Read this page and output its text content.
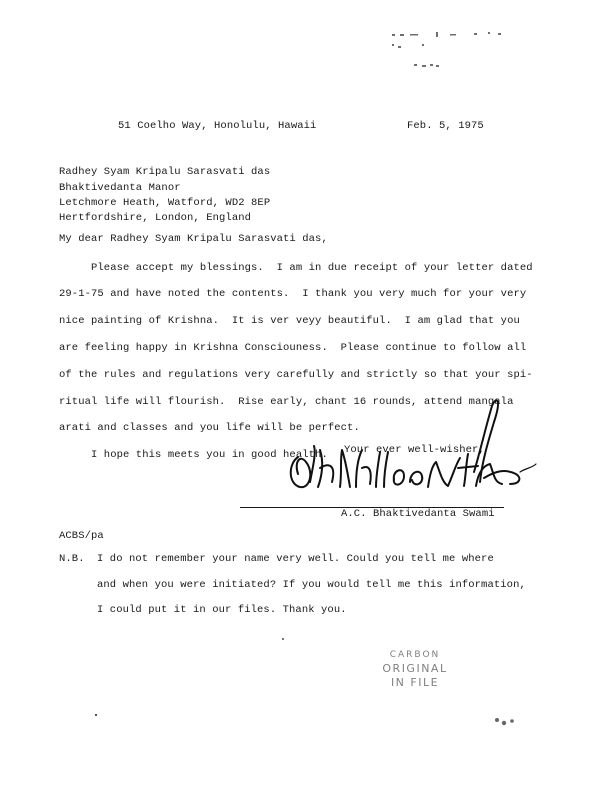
51 Coelho Way, Honolulu, Hawaii	Feb. 5, 1975
Radhey Syam Kripalu Sarasvati das
Bhaktivedanta Manor
Letchmore Heath, Watford, WD2 8EP
Hertfordshire, London, England
My dear Radhey Syam Kripalu Sarasvati das,
Please accept my blessings.  I am in due receipt of your letter dated
29-1-75 and have noted the contents.  I thank you very much for your very
nice painting of Krishna.  It is ver veyy beautiful.  I am glad that you
are feeling happy in Krishna Consciouness.  Please continue to follow all
of the rules and regulations very carefully and strictly so that your spi-
ritual life will flourish.  Rise early, chant 16 rounds, attend mangala
arati and classes and you life will be perfect.
I hope this meets you in good health. Your ever well-wisher,
A.C. Bhaktivedanta Swami
ACBS/pa
N.B. I do not remember your name very well. Could you tell me where
and when you were initiated? If you would tell me this information,
I could put it in our files. Thank you.
CARBON
ORIGINAL
IN FILE
